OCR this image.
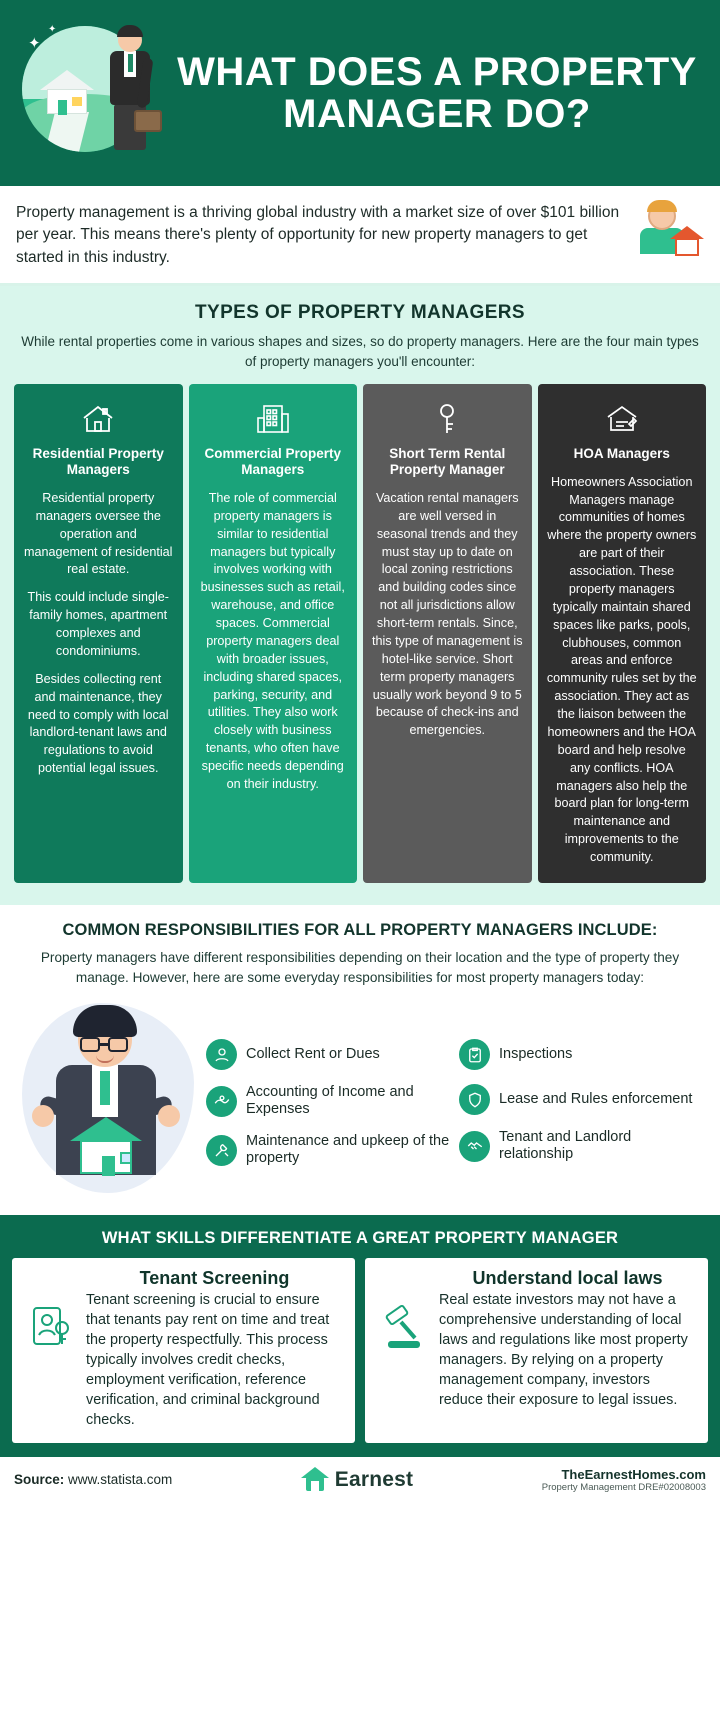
✦
✦
WHAT DOES A PROPERTY
MANAGER DO?

Property management is a thriving global industry with a market size of over $101 billion per year. This means there's plenty of opportunity for new property managers to get started in this industry.

TYPES OF PROPERTY MANAGERS
While rental properties come in various shapes and sizes, so do property managers. Here are the four main types of property managers you'll encounter:
Residential Property Managers

Residential property managers oversee the operation and management of residential real estate.

This could include single-family homes, apartment complexes and condominiums.

Besides collecting rent and maintenance, they need to comply with local landlord-tenant laws and regulations to avoid potential legal issues.

Commercial Property Managers

The role of commercial property managers is similar to residential managers but typically involves working with businesses such as retail, warehouse, and office spaces. Commercial property managers deal with broader issues, including shared spaces, parking, security, and utilities. They also work closely with business tenants, who often have specific needs depending on their industry.

Short Term Rental Property Manager

Vacation rental managers are well versed in seasonal trends and they must stay up to date on local zoning restrictions and building codes since not all jurisdictions allow short-term rentals. Since, this type of management is hotel-like service. Short term property managers usually work beyond 9 to 5 because of check-ins and emergencies.

HOA Managers

Homeowners Association Managers manage communities of homes where the property owners are part of their association. These property managers typically maintain shared spaces like parks, pools, clubhouses, common areas and enforce community rules set by the association. They act as the liaison between the homeowners and the HOA board and help resolve any conflicts. HOA managers also help the board plan for long-term maintenance and improvements to the community.

COMMON RESPONSIBILITIES FOR ALL PROPERTY MANAGERS INCLUDE:
Property managers have different responsibilities depending on their location and the type of property they manage. However, here are some everyday responsibilities for most property managers today:
Collect Rent or Dues
Accounting of Income and Expenses
Maintenance and upkeep of the property
Inspections
Lease and Rules enforcement
Tenant and Landlord relationship
WHAT SKILLS DIFFERENTIATE A GREAT PROPERTY MANAGER
Tenant Screening

Tenant screening is crucial to ensure that tenants pay rent on time and treat the property respectfully. This process typically involves credit checks, employment verification, reference verification, and criminal background checks.

Understand local laws

Real estate investors may not have a comprehensive understanding of local laws and regulations like most property managers. By relying on a property management company, investors reduce their exposure to legal issues.

Source: www.statista.com	Earnest	TheEarnestHomes.com
Property Management DRE#02008003
